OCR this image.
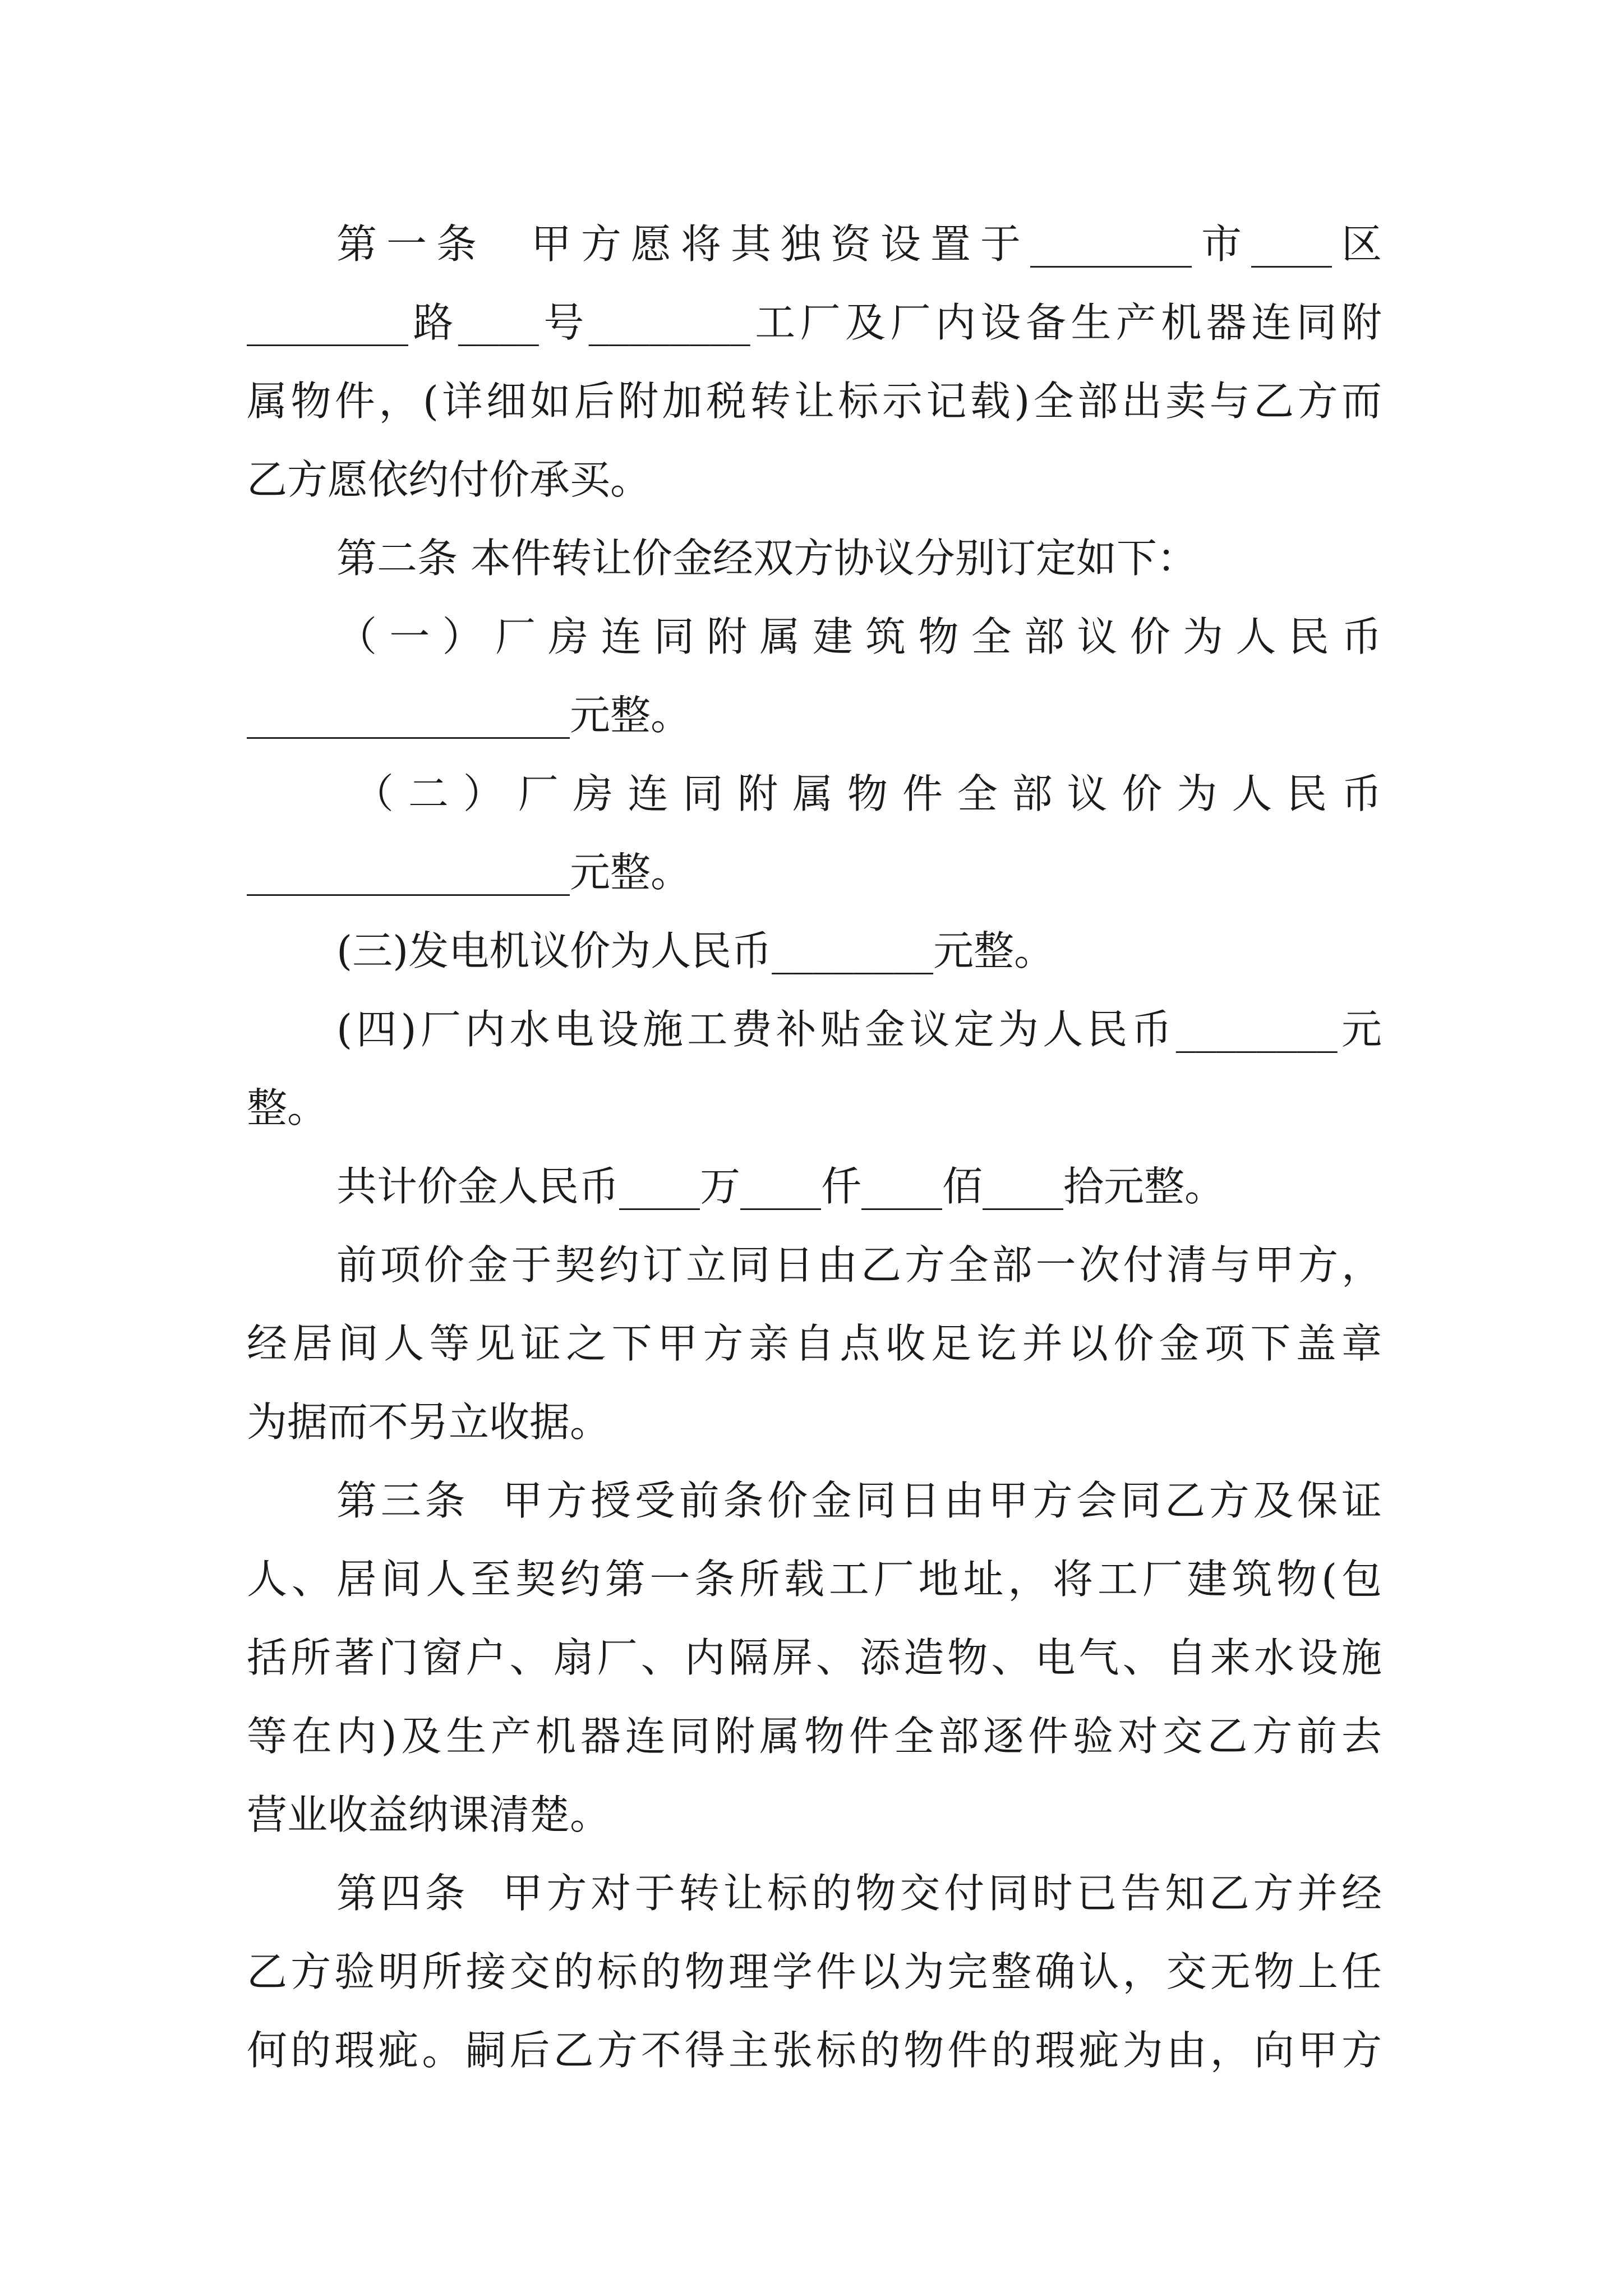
第一条  甲方愿将其独资设置于________市____区
________路____号________工厂及厂内设备生产机器连同附
属物件，(详细如后附加税转让标示记载)全部出卖与乙方而
乙方愿依约付价承买。
第二条 本件转让价金经双方协议分别订定如下：
（一）厂房连同附属建筑物全部议价为人民币
________________元整。
（二）厂房连同附属物件全部议价为人民币
________________元整。
(三)发电机议价为人民币________元整。
(四)厂内水电设施工费补贴金议定为人民币________元
整。
共计价金人民币____万____仟____佰____拾元整。
前项价金于契约订立同日由乙方全部一次付清与甲方，
经居间人等见证之下甲方亲自点收足讫并以价金项下盖章
为据而不另立收据。
第三条  甲方授受前条价金同日由甲方会同乙方及保证
人、居间人至契约第一条所载工厂地址，将工厂建筑物(包
括所著门窗户、扇厂、内隔屏、添造物、电气、自来水设施
等在内)及生产机器连同附属物件全部逐件验对交乙方前去
营业收益纳课清楚。
第四条  甲方对于转让标的物交付同时已告知乙方并经
乙方验明所接交的标的物理学件以为完整确认，交无物上任
何的瑕疵。嗣后乙方不得主张标的物件的瑕疵为由，向甲方
